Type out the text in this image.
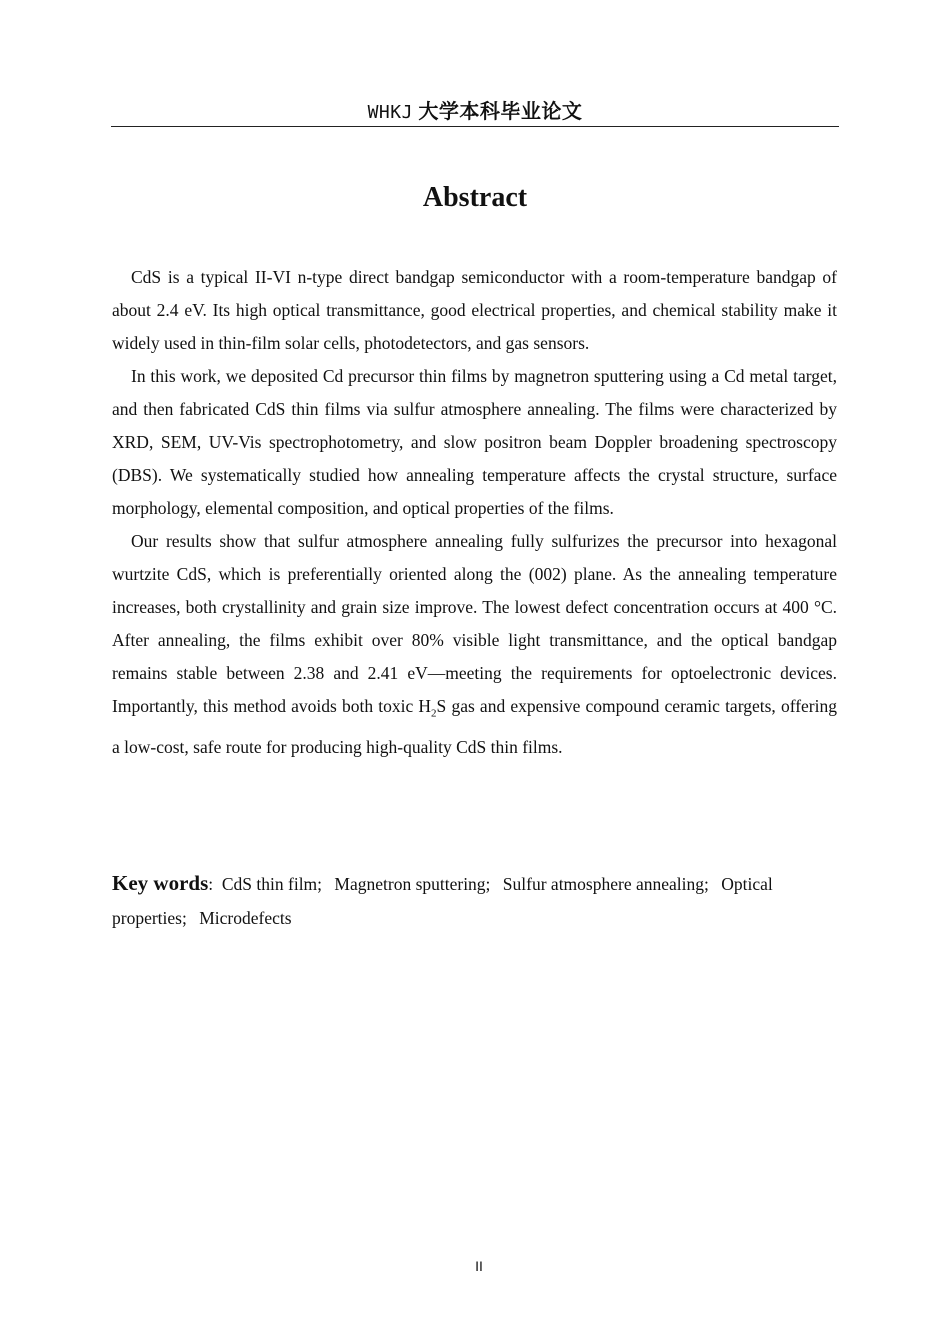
WHKJ 大学本科毕业论文
Abstract

CdS is a typical II-VI n-type direct bandgap semiconductor with a room-temperature bandgap of about 2.4 eV. Its high optical transmittance, good electrical properties, and chemical stability make it widely used in thin-film solar cells, photodetectors, and gas sensors.

In this work, we deposited Cd precursor thin films by magnetron sputtering using a Cd metal target, and then fabricated CdS thin films via sulfur atmosphere annealing. The films were characterized by XRD, SEM, UV-Vis spectrophotometry, and slow positron beam Doppler broadening spectroscopy (DBS). We systematically studied how annealing temperature affects the crystal structure, surface morphology, elemental composition, and optical properties of the films.

Our results show that sulfur atmosphere annealing fully sulfurizes the precursor into hexagonal wurtzite CdS, which is preferentially oriented along the (002) plane. As the annealing temperature increases, both crystallinity and grain size improve. The lowest defect concentration occurs at 400 °C. After annealing, the films exhibit over 80% visible light transmittance, and the optical bandgap remains stable between 2.38 and 2.41 eV—meeting the requirements for optoelectronic devices. Importantly, this method avoids both toxic $H_2S$ gas and expensive compound ceramic targets, offering a low-cost, safe route for producing high-quality CdS thin films.

Key words: CdS thin film; Magnetron sputtering; Sulfur atmosphere annealing; Optical properties; Microdefects
II
